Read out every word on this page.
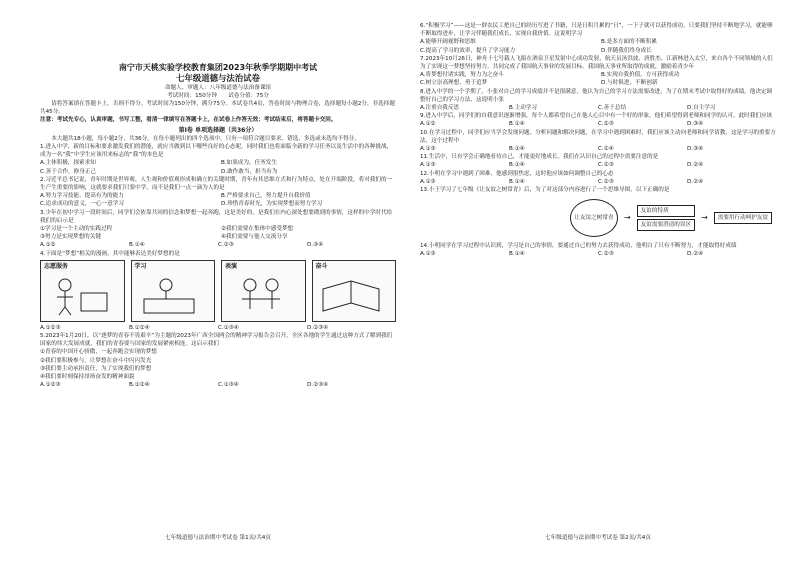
南宁市天桃实验学校教育集团2023年秋季学期期中考试
七年级道德与法治试卷
命题人、审题人：八年级道德与法治备课组
考试时间：150分钟　　试卷分值：75分

　　请将答案填在答题卡上，否则不得分。考试时间为150分钟，满分75分。本试卷共4页，答卷时间与物理合卷，选择题每小题2分，非选择题共45分。

注意：考试先专心，认真审题，书写工整，看清一律填写在答题卡上，在试卷上作答无效；考试结束后，将答题卡交回。

第Ⅰ卷 单项选择题（共36分）

　　本大题共18小题，每小题2分，共36分。在每小题列出的四个选项中，只有一项符合题目要求。错选、多选或未选均不得分。

1.进入中学，新的目标和要求激发我们的潜能，就应当做到以下哪些良好的心态呢，同时我们也将面临全新的学习任务以及生活中的各种挑战，成为一名“我”中学生应该用来标志的“我”的本色是

A.主体积极，探索求知	B.如果成为，任务发生
C.善于合作，修身正己	D.敢作敢当，担当有为

2.习近平总书记说，青年时期是世界观、人生观和价值观形成和确立的关键时期，青年有其思维方式和行为特点，处在开端阶段，将对我们的一生产生重要的影响，这就要求我们只要中学，而不是我们一点一滴为人的是

A.努力学习技能，提高有为的能力	B.严格要求自己，努力提升自我价值
C.追求成功的意义，一心一意学习	D.珍惜青春时光，为实现梦想而努力学习

3.少年在初中学习一段时间后，同学们会依靠共同的信念和梦想一起奔跑，这是美好的，是我们在内心深处想要做到的事情，这样的中学时代给我们的启示是

①学习是一个主动的实践过程	②我们需要在集体中感受梦想
③努力是实现梦想的关键	④我们需要与他人交流分享
A.①②	B.①④	C.②③	D.③④

4.下面是“梦想”相关的漫画，其中能够表达美好梦想的是

志愿服务	学习	表演	奋斗
A.①②③	B.①②④	C.①③④	D.②③④

5.2023年1月20日，以“逐梦的青春不畏艰辛”为主题的2023年广西全国两会的精神学习报告会召开，全区各地的学生通过这种方式了解到我们国家的伟大发展成就，我们的青春要与国家的发展紧密相连。这启示我们

①青春的中国开心骄傲，一起奔跑会实现的梦想
②我们要积极参与，让梦想在奋斗中闪闪发光
③我们要主动承担责任，为了实现我们的梦想
④我们要时刻保持昂扬奋发的精神面貌
A.①②③	B.①②④	C.①③④	D.②③④
七年级道德与法治期中考试卷 第1页/共4页

6.“积极学习”——这是一群农民工把自己的经历写进了书籍，只是日积月累的“日”，一下子就可以获得成功。只要我们坚持不断地学习，就能够不断取得进步，让学习伴随我们成长，实现自我价值。这说明学习

A.能够开阔视野和思维	B.是多方面的不断积累
C.提高了学习的效率，提升了学习能力	D.伴随我们终身成长

7.2023年10月26日，神舟十七号载人飞船在酒泉卫星发射中心成功发射，航天员汤洪波、唐胜杰、江新林进入太空，来自各个不同领域的人们为了实现这一梦想坚持努力，共同完成了我国航天事业的发展目标。我国航天事业所取得的成就，激励着青少年

A.将梦想付诸实践，努力为之奋斗	B.实现自我价值，方可获得成功
C.树立崇高理想，勇于追梦	D.与时俱进，不断创新

8.进入中学的一个学期了，小张对自己的学习成绩并不是很满意，他认为自己的学习方法需要改进，为了在期末考试中取得好的成绩，他决定调整好自己的学习方法，这说明小张

A.注重自我反思	B.主动学习	C.善于总结	D.自主学习

9.进入中学后，同学们的自我意识逐渐增强，每个人都希望自己在他人心目中有一个好的形象，他们希望得到老师和同学的认可，此时我们应该

A.①②	B.①④	C.②③	D.③④

10.在学习过程中，同学们应当学会发现问题、分析问题和解决问题，在学习中遇到困难时，我们应该主动向老师和同学请教，这是学习的重要方法，这个过程中

A.①③	B.①④	C.②④	D.③④

11.生活中，只有学会正确地看待自己，才能更好地成长。我们在认识自己的过程中需要注意的是

A.①③	B.①④	C.②③	D.②④

12.小明在学习中遇到了困难，他感到很焦虑，这时他应该如何调整自己的心态

A.①③	B.①④	C.②③	D.②④

13.小王学习了七年级《让友谊之树常青》后，为了对这部分内容进行了一个思维导图，以下正确的是

让友谊之树常青	→
友谊的特质
友谊需要澄清的误区
→	需要用行动呵护友谊

14.小明同学在学习过程中认识到，学习是自己的事情，要通过自己的努力去获得成功，他明白了只有不断努力，才能取得好成绩

A.①③	B.①④	C.②③	D.②④
七年级道德与法治期中考试卷 第2页/共4页
